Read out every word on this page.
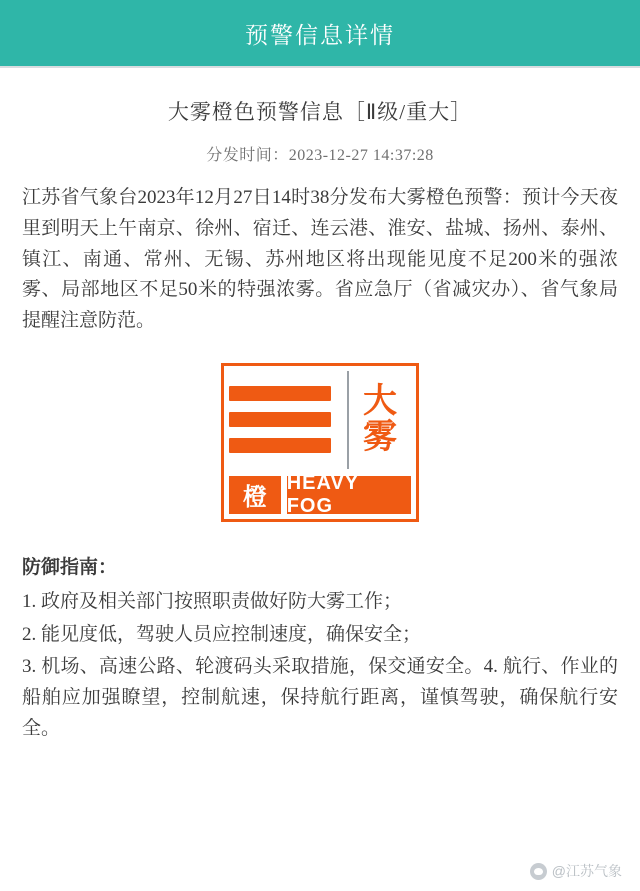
预警信息详情
大雾橙色预警信息［Ⅱ级/重大］
分发时间：2023-12-27 14:37:28
江苏省气象台2023年12月27日14时38分发布大雾橙色预警：预计今天夜里到明天上午南京、徐州、宿迁、连云港、淮安、盐城、扬州、泰州、镇江、南通、常州、无锡、苏州地区将出现能见度不足200米的强浓雾、局部地区不足50米的特强浓雾。省应急厅（省减灾办）、省气象局提醒注意防范。
大
雾
橙
HEAVY FOG
防御指南：
1. 政府及相关部门按照职责做好防大雾工作；
2. 能见度低，驾驶人员应控制速度，确保安全；
3. 机场、高速公路、轮渡码头采取措施，保交通安全。4. 航行、作业的船舶应加强瞭望，控制航速，保持航行距离，谨慎驾驶，确保航行安全。
@江苏气象
